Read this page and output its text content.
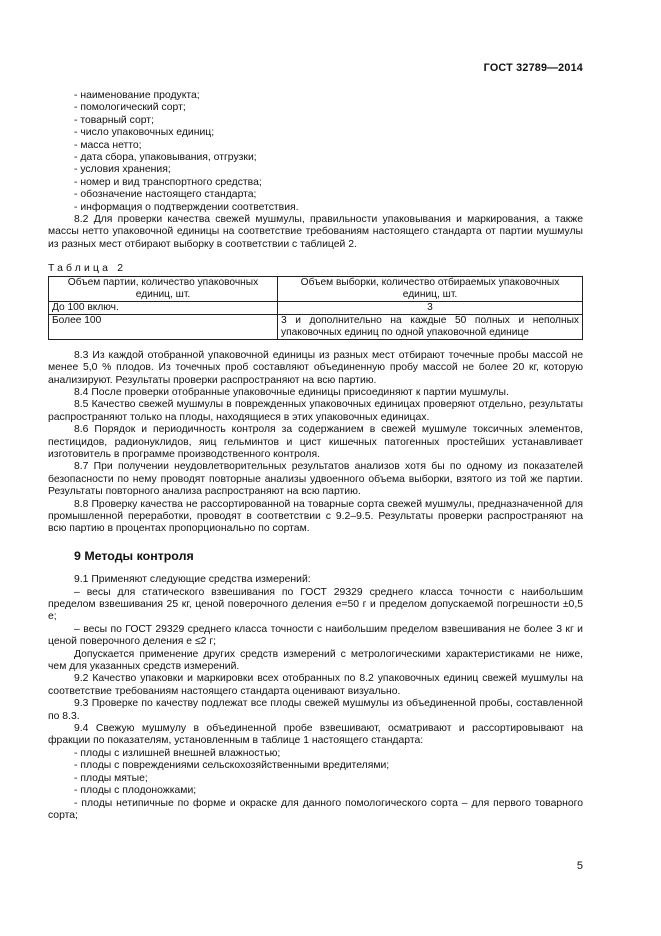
ГОСТ 32789—2014

- наименование продукта;

- помологический сорт;

- товарный сорт;

- число упаковочных единиц;

- масса нетто;

- дата сбора, упаковывания, отгрузки;

- условия хранения;

- номер и вид транспортного средства;

- обозначение настоящего стандарта;

- информация о подтверждении соответствия.

8.2 Для проверки качества свежей мушмулы, правильности упаковывания и маркирования, а также массы нетто упаковочной единицы на соответствие требованиям настоящего стандарта от партии мушмулы из разных мест отбирают выборку в соответствии с таблицей 2.

Таблица 2
Объем партии, количество упаковочных единиц, шт.	Объем выборки, количество отбираемых упаковочных единиц, шт.
До 100 включ.	3
Более 100	3 и дополнительно на каждые 50 полных и неполных упаковочных единиц по одной упаковочной единице

8.3 Из каждой отобранной упаковочной единицы из разных мест отбирают точечные пробы массой не менее 5,0 % плодов. Из точечных проб составляют объединенную пробу массой не более 20 кг, которую анализируют. Результаты проверки распространяют на всю партию.

8.4 После проверки отобранные упаковочные единицы присоединяют к партии мушмулы.

8.5 Качество свежей мушмулы в поврежденных упаковочных единицах проверяют отдельно, результаты распространяют только на плоды, находящиеся в этих упаковочных единицах.

8.6 Порядок и периодичность контроля за содержанием в свежей мушмуле токсичных элементов, пестицидов, радионуклидов, яиц гельминтов и цист кишечных патогенных простейших устанавливает изготовитель в программе производственного контроля.

8.7 При получении неудовлетворительных результатов анализов хотя бы по одному из показателей безопасности по нему проводят повторные анализы удвоенного объема выборки, взятого из той же партии. Результаты повторного анализа распространяют на всю партию.

8.8 Проверку качества не рассортированной на товарные сорта свежей мушмулы, предназначенной для промышленной переработки, проводят в соответствии с 9.2–9.5. Результаты проверки распространяют на всю партию в процентах пропорционально по сортам.

9 Методы контроля

9.1 Применяют следующие средства измерений:

– весы для статического взвешивания по ГОСТ 29329 среднего класса точности с наибольшим пределом взвешивания 25 кг, ценой поверочного деления e=50 г и пределом допускаемой погрешности ±0,5 e;

– весы по ГОСТ 29329 среднего класса точности с наибольшим пределом взвешивания не более 3 кг и ценой поверочного деления e ≤2 г;

Допускается применение других средств измерений с метрологическими характеристиками не ниже, чем для указанных средств измерений.

9.2 Качество упаковки и маркировки всех отобранных по 8.2 упаковочных единиц свежей мушмулы на соответствие требованиям настоящего стандарта оценивают визуально.

9.3 Проверке по качеству подлежат все плоды свежей мушмулы из объединенной пробы, составленной по 8.3.

9.4 Свежую мушмулу в объединенной пробе взвешивают, осматривают и рассортировывают на фракции по показателям, установленным в таблице 1 настоящего стандарта:

- плоды с излишней внешней влажностью;

- плоды с повреждениями сельскохозяйственными вредителями;

- плоды мятые;

- плоды с плодоножками;

- плоды нетипичные по форме и окраске для данного помологического сорта – для первого товарного сорта;

5
